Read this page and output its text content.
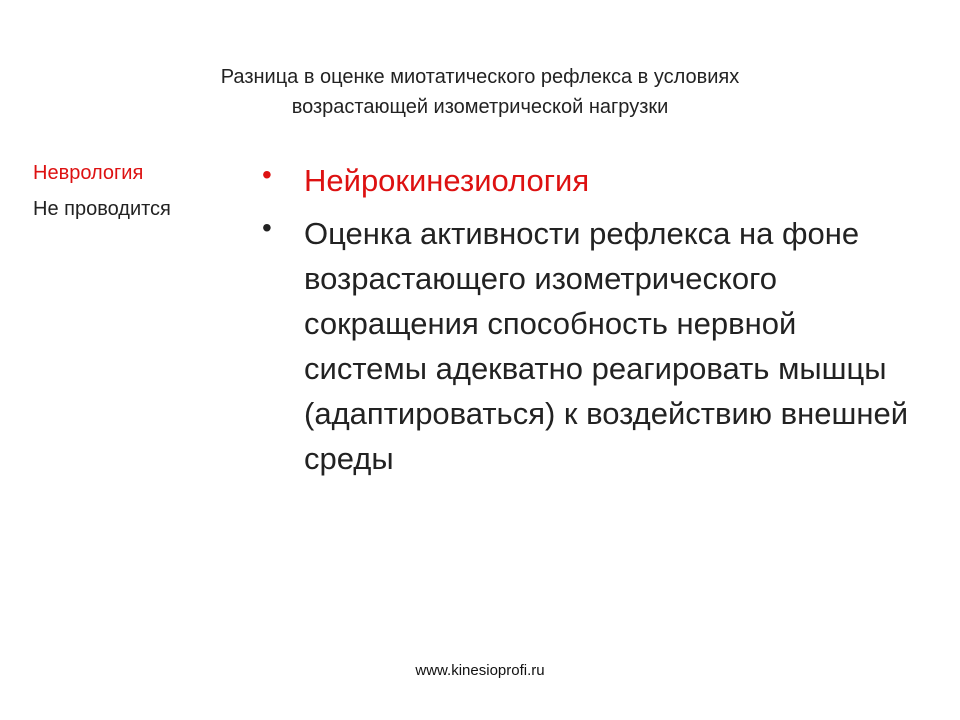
Разница в оценке миотатического рефлекса в условиях
возрастающей изометрической нагрузки
Неврология
Не проводится
• Нейрокинезиология
• Оценка активности рефлекса на фоне возрастающего изометрического сокращения способность нервной системы адекватно реагировать мышцы (адаптироваться) к воздействию внешней среды
www.kinesioprofi.ru
